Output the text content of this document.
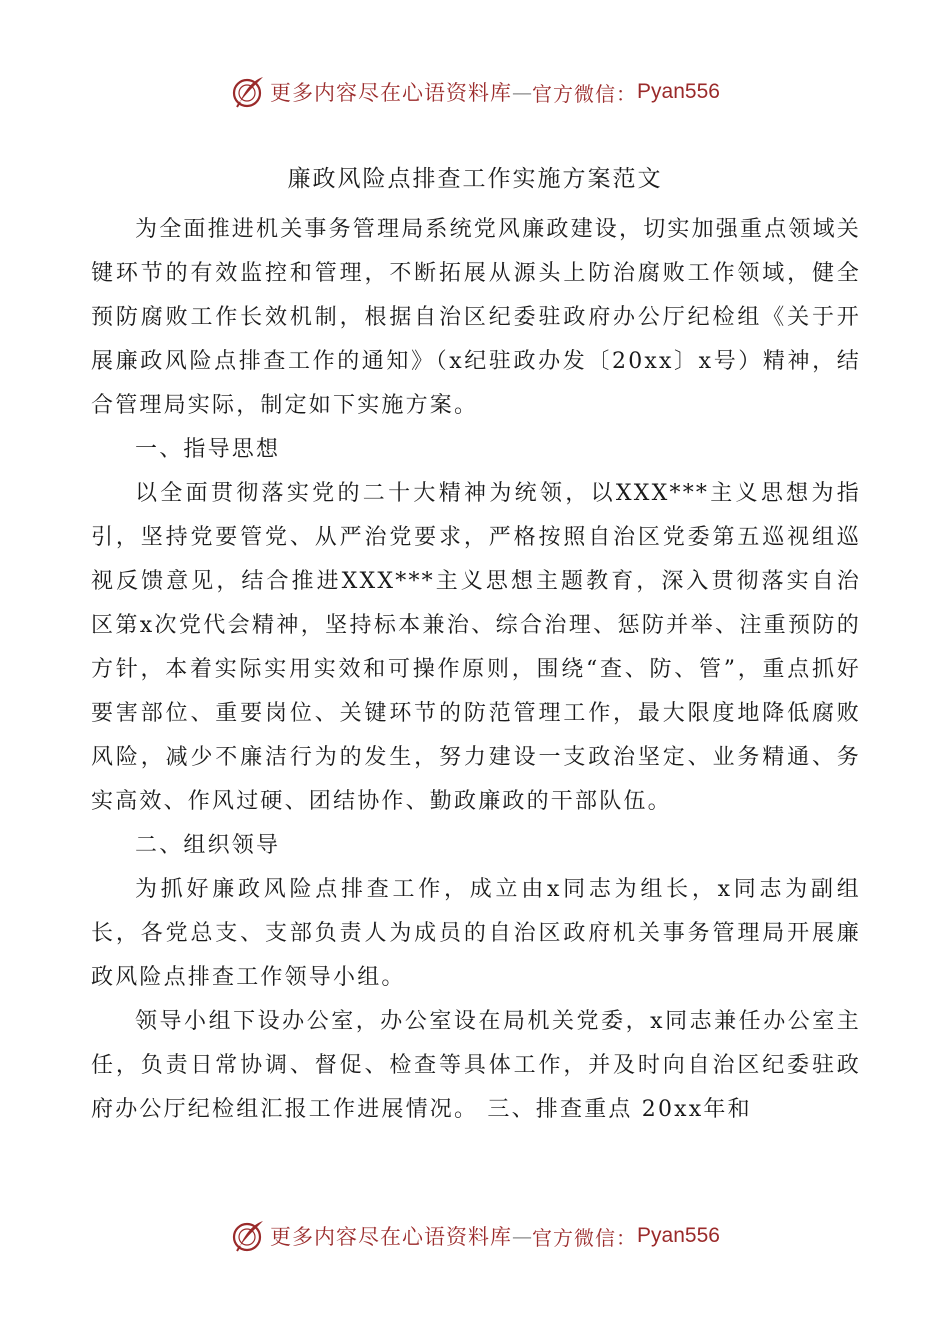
更多内容尽在心语资料库 — 官方微信： Pyan556
廉政风险点排查工作实施方案范文

为全面推进机关事务管理局系统党风廉政建设，切实加强重点领域关键环节的有效监控和管理，不断拓展从源头上防治腐败工作领域，健全预防腐败工作长效机制，根据自治区纪委驻政府办公厅纪检组《关于开展廉政风险点排查工作的通知》（x纪驻政办发〔20xx〕x号）精神，结合管理局实际，制定如下实施方案。

一、指导思想

以全面贯彻落实党的二十大精神为统领，以XXX***主义思想为指引，坚持党要管党、从严治党要求，严格按照自治区党委第五巡视组巡视反馈意见，结合推进XXX***主义思想主题教育，深入贯彻落实自治区第x次党代会精神，坚持标本兼治、综合治理、惩防并举、注重预防的方针，本着实际实用实效和可操作原则，围绕“查、防、管”，重点抓好要害部位、重要岗位、关键环节的防范管理工作，最大限度地降低腐败风险，减少不廉洁行为的发生，努力建设一支政治坚定、业务精通、务实高效、作风过硬、团结协作、勤政廉政的干部队伍。

二、组织领导

为抓好廉政风险点排查工作，成立由x同志为组长，x同志为副组长，各党总支、支部负责人为成员的自治区政府机关事务管理局开展廉政风险点排查工作领导小组。

领导小组下设办公室，办公室设在局机关党委，x同志兼任办公室主任，负责日常协调、督促、检查等具体工作，并及时向自治区纪委驻政府办公厅纪检组汇报工作进展情况。 三、排查重点 20xx年和

更多内容尽在心语资料库 — 官方微信： Pyan556
